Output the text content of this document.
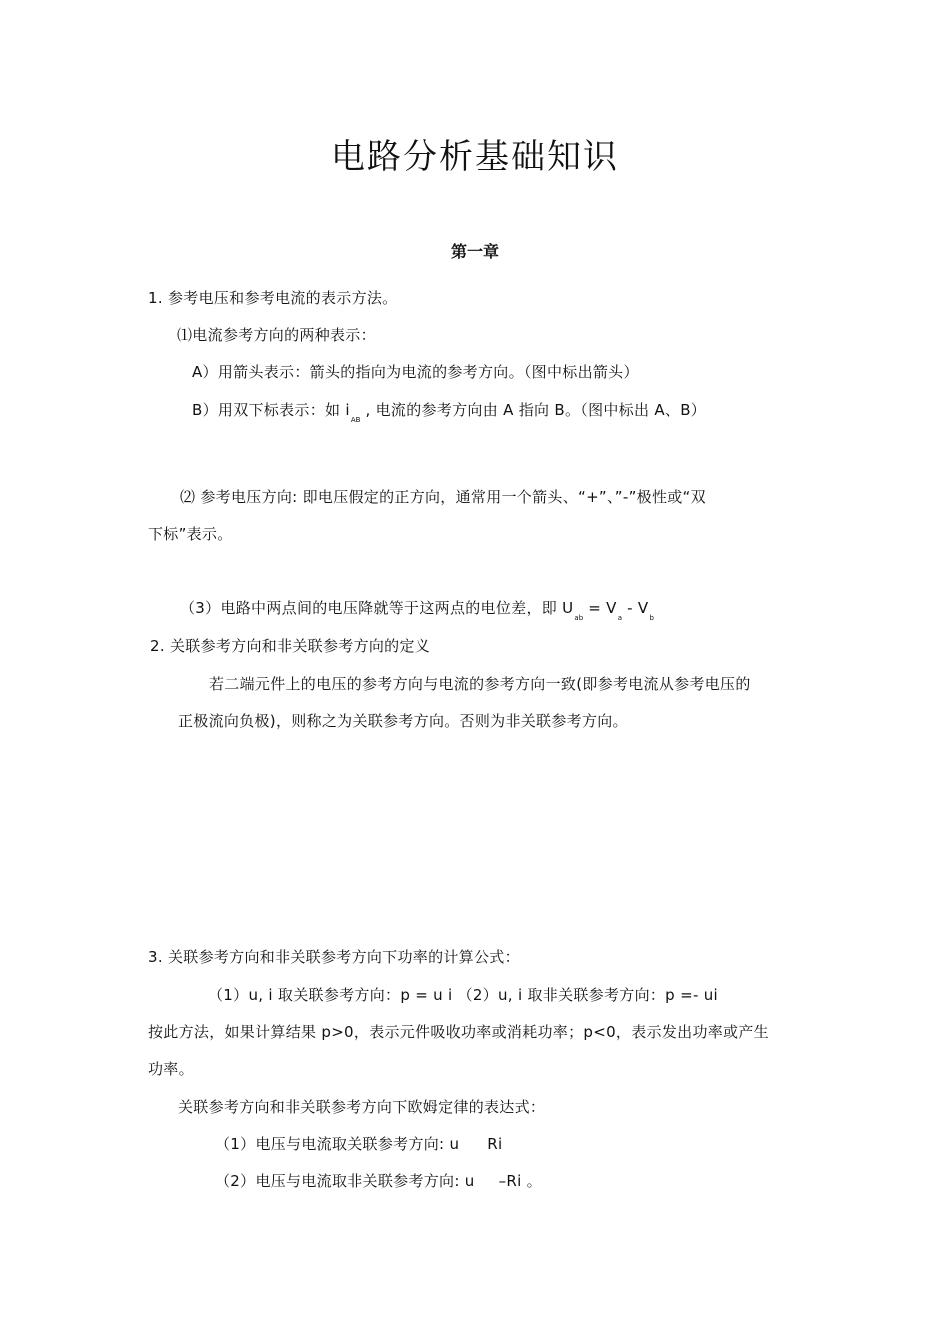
电路分析基础知识
第一章
1. 参考电压和参考电流的表示方法。
⑴电流参考方向的两种表示：
A）用箭头表示：箭头的指向为电流的参考方向。（图中标出箭头）
B）用双下标表示：如 $i_{AB}$ , 电流的参考方向由 A 指向 B。（图中标出 A、B）
⑵ 参考电压方向: 即电压假定的正方向，通常用一个箭头、“+”、”-”极性或“双
下标”表示。
（3）电路中两点间的电压降就等于这两点的电位差，即 $U_{ab} = V_a - V_b$
2. 关联参考方向和非关联参考方向的定义
若二端元件上的电压的参考方向与电流的参考方向一致(即参考电流从参考电压的
正极流向负极)，则称之为关联参考方向。否则为非关联参考方向。
3. 关联参考方向和非关联参考方向下功率的计算公式：
（1）u, i 取关联参考方向：p = u i （2）u, i 取非关联参考方向：p =- ui
按此方法，如果计算结果 p>0，表示元件吸收功率或消耗功率；p<0，表示发出功率或产生
功率。
关联参考方向和非关联参考方向下欧姆定律的表达式：
（1）电压与电流取关联参考方向: u Ri
（2）电压与电流取非关联参考方向: u –Ri 。
